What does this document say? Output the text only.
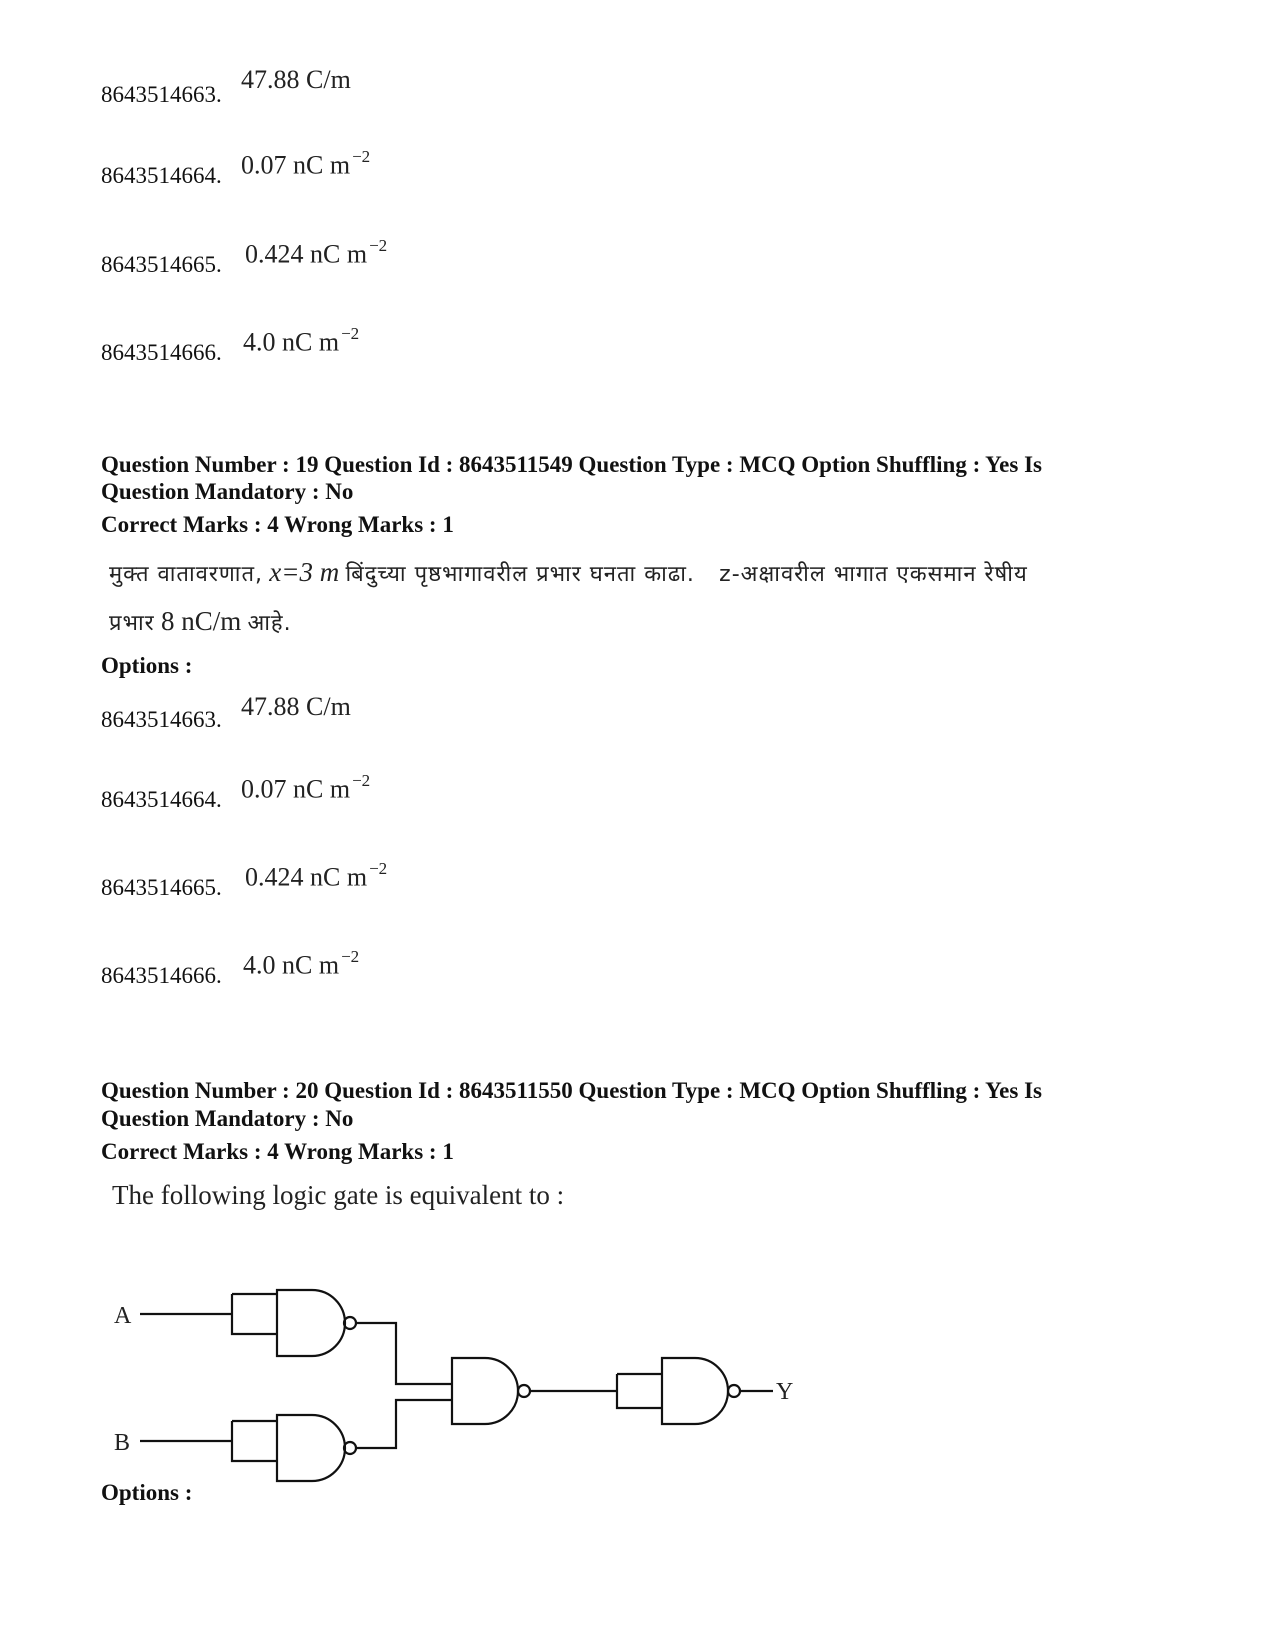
8643514663.
47.88 C/m
8643514664. 0.07 nC m $^{-2}$
8643514665. 0.424 nC m $^{-2}$
8643514666. 4.0 nC m $^{-2}$
Question Number : 19 Question Id : 8643511549 Question Type : MCQ Option Shuffling : Yes Is
Question Mandatory : No
Correct Marks : 4 Wrong Marks : 1
मुक्त वातावरणात, x=3 m बिंदुच्या पृष्ठभागावरील प्रभार घनता काढा. z-अक्षावरील भागात एकसमान रेषीय
प्रभार 8 nC/m आहे.
Options :
8643514663. 47.88 C/m
8643514664. 0.07 nC m $^{-2}$
8643514665. 0.424 nC m $^{-2}$
8643514666. 4.0 nC m $^{-2}$
Question Number : 20 Question Id : 8643511550 Question Type : MCQ Option Shuffling : Yes Is
Question Mandatory : No
Correct Marks : 4 Wrong Marks : 1
The following logic gate is equivalent to :
A
B
Y
Options :
